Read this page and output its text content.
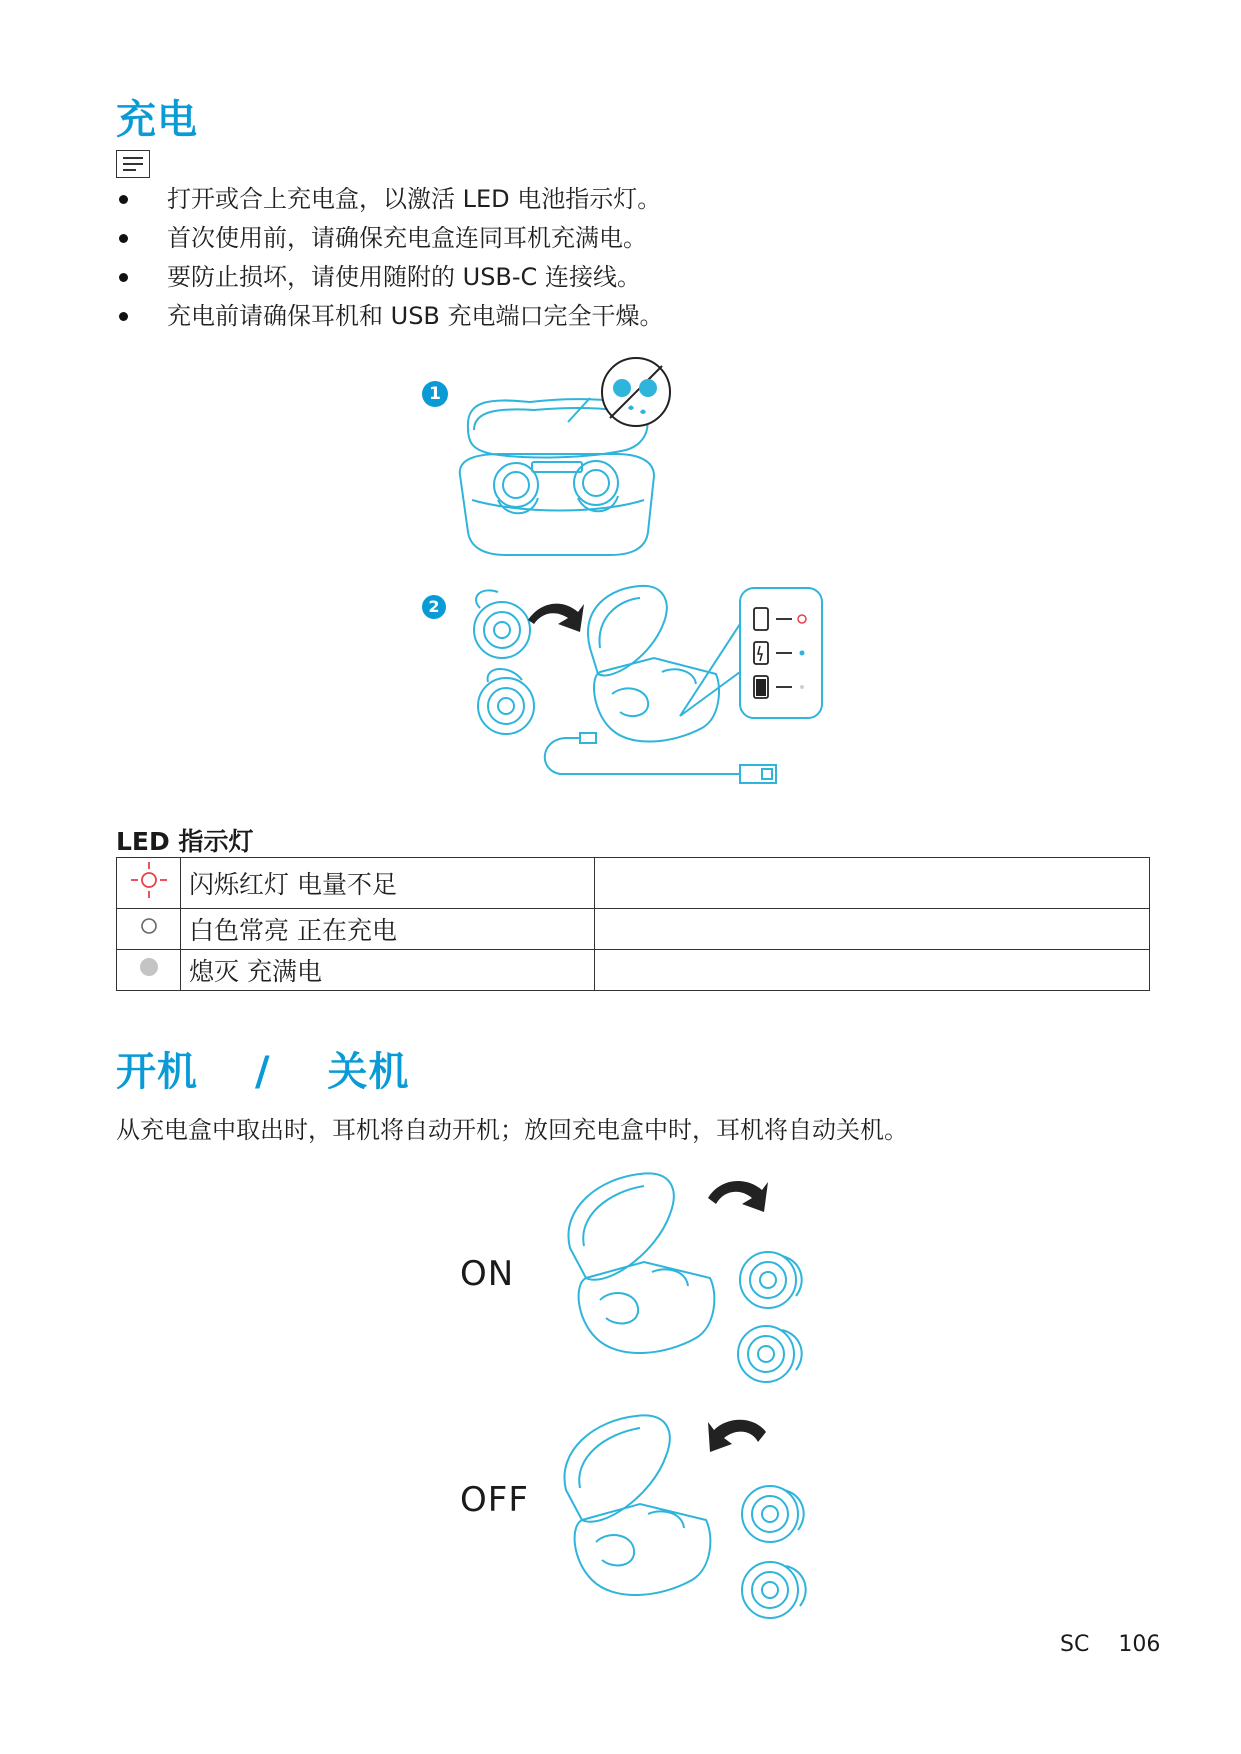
充电
打开或合上充电盒，以激活 LED 电池指示灯。
首次使用前，请确保充电盒连同耳机充满电。
要防止损坏，请使用随附的 USB-C 连接线。
充电前请确保耳机和 USB 充电端口完全干燥。
1
2
LED 指示灯
	闪烁红灯 电量不足	
	白色常亮 正在充电	
	熄灭 充满电	
开机 / 关机
从充电盒中取出时，耳机将自动开机；放回充电盒中时，耳机将自动关机。
ON
OFF
SC 106
